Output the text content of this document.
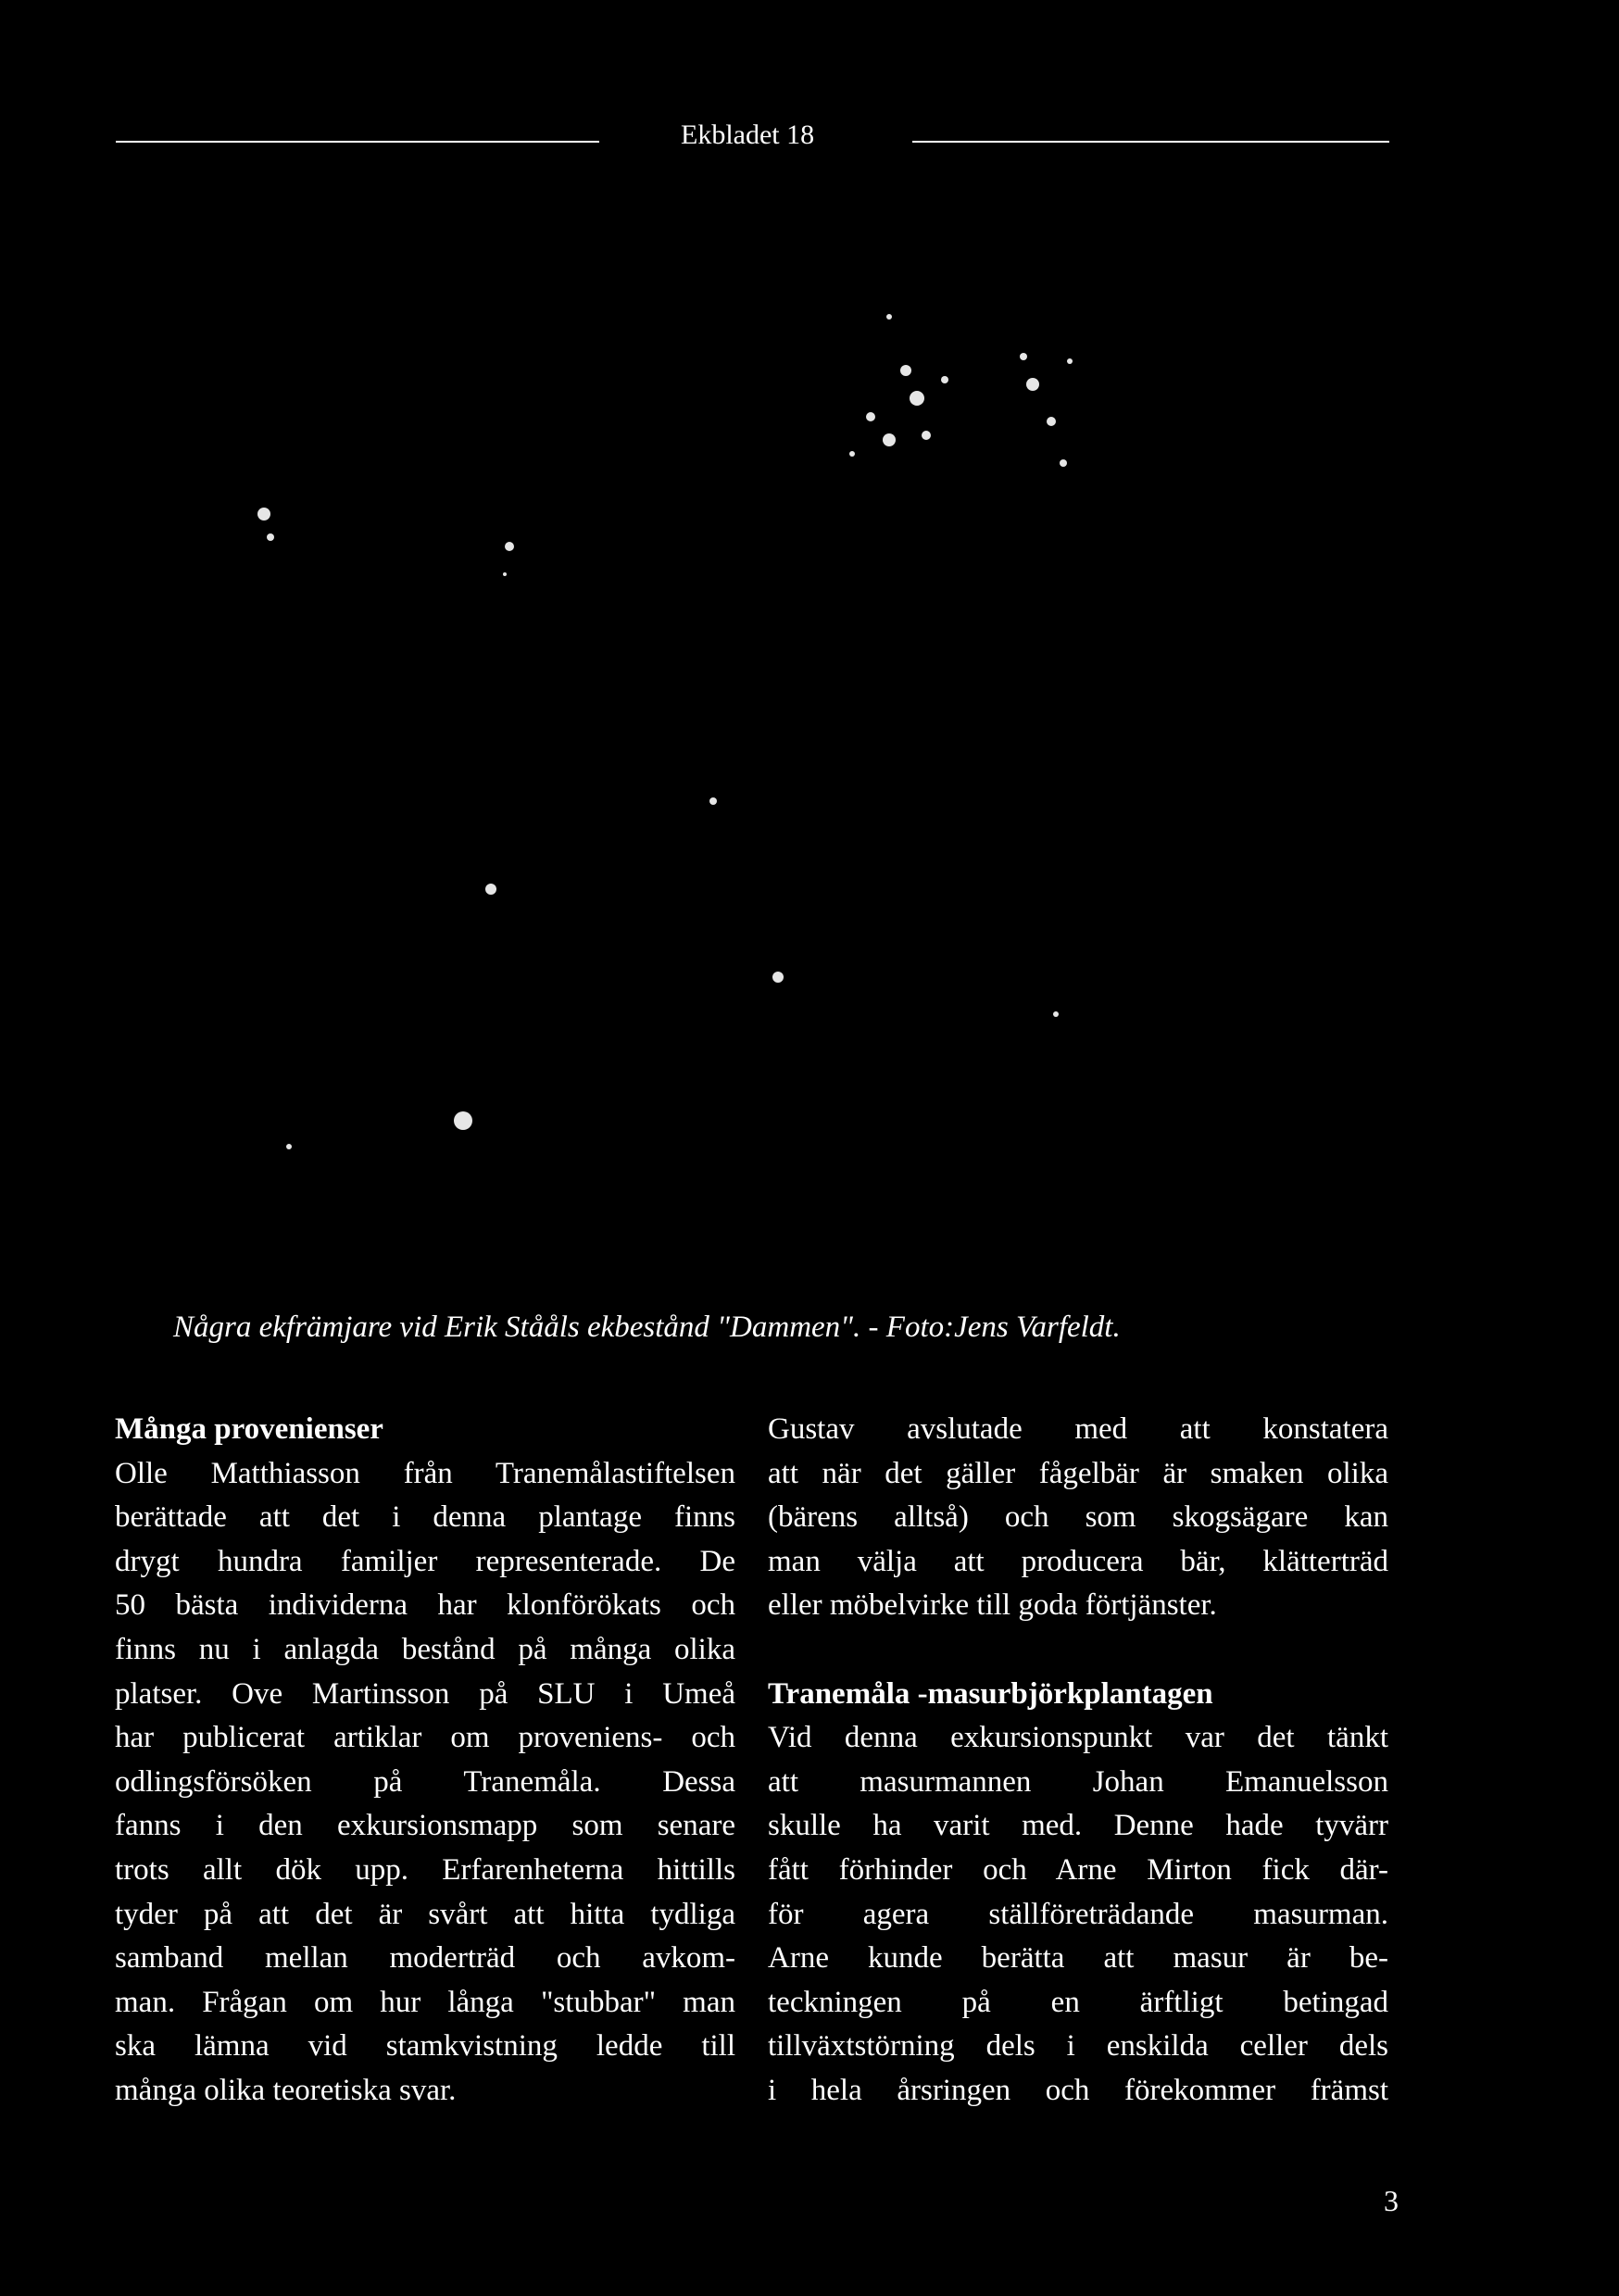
Ekbladet 18
Några ekfrämjare vid Erik Stååls ekbestånd "Dammen". - Foto:Jens Varfeldt.
Många provenienser

Olle Matthiasson från Tranemålastiftelsen
berättade att det i denna plantage finns
drygt hundra familjer representerade. De
50 bästa individerna har klonförökats och
finns nu i anlagda bestånd på många olika
platser. Ove Martinsson på SLU i Umeå
har publicerat artiklar om proveniens- och
odlingsförsöken på Tranemåla. Dessa
fanns i den exkursionsmapp som senare
trots allt dök upp. Erfarenheterna hittills
tyder på att det är svårt att hitta tydliga
samband mellan moderträd och avkom-
man. Frågan om hur långa "stubbar" man
ska lämna vid stamkvistning ledde till
många olika teoretiska svar.

Gustav avslutade med att konstatera
att när det gäller fågelbär är smaken olika
(bärens alltså) och som skogsägare kan
man välja att producera bär, klätterträd
eller möbelvirke till goda förtjänster.

Tranemåla -masurbjörkplantagen

Vid denna exkursionspunkt var det tänkt
att masurmannen Johan Emanuelsson
skulle ha varit med. Denne hade tyvärr
fått förhinder och Arne Mirton fick där-
för agera ställföreträdande masurman.
Arne kunde berätta att masur är be-
teckningen på en ärftligt betingad
tillväxtstörning dels i enskilda celler dels
i hela årsringen och förekommer främst

3
